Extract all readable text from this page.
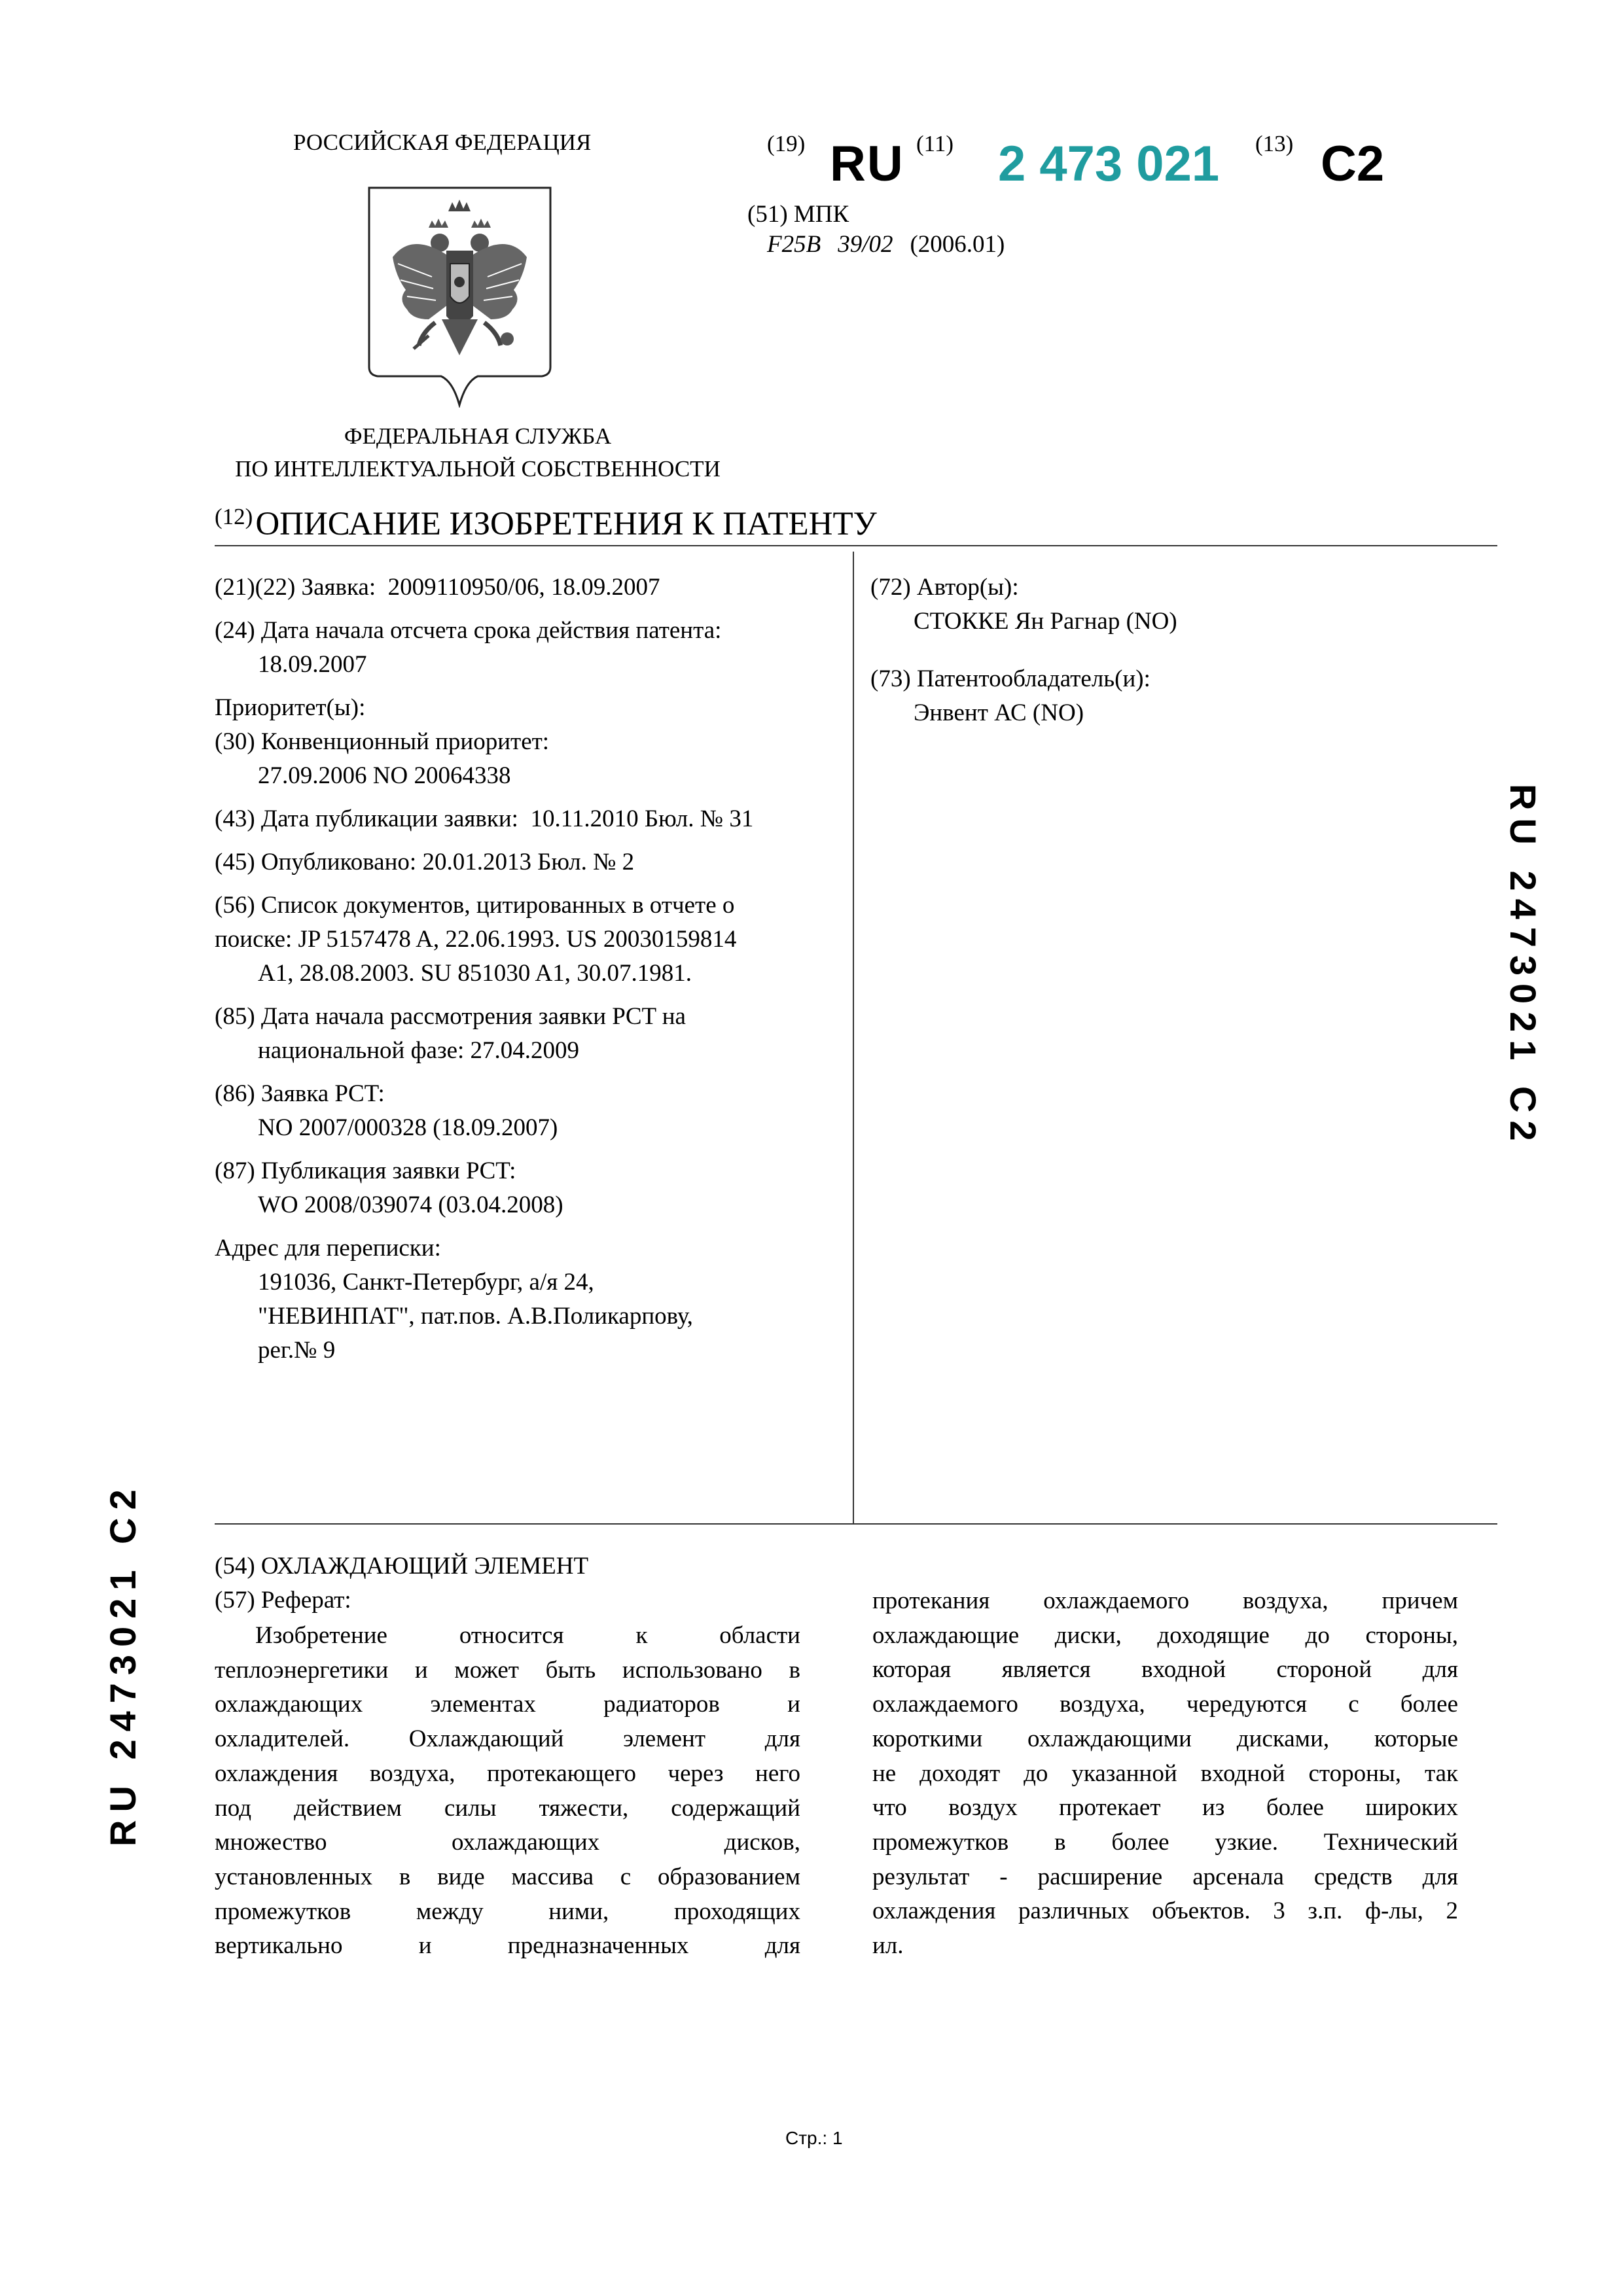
РОССИЙСКАЯ ФЕДЕРАЦИЯ
ФЕДЕРАЛЬНАЯ СЛУЖБА
ПО ИНТЕЛЛЕКТУАЛЬНОЙ СОБСТВЕННОСТИ
(19) RU (11) 2 473 021 (13) C2
(51) МПК
F25B 39/02 (2006.01)
$^{(12)}$ОПИСАНИЕ ИЗОБРЕТЕНИЯ К ПАТЕНТУ
(21)(22) Заявка: 2009110950/06, 18.09.2007
(24) Дата начала отсчета срока действия патента:
18.09.2007
Приоритет(ы):
(30) Конвенционный приоритет:
27.09.2006 NO 20064338
(43) Дата публикации заявки: 10.11.2010 Бюл. № 31
(45) Опубликовано: 20.01.2013 Бюл. № 2
(56) Список документов, цитированных в отчете о
поиске: JP 5157478 A, 22.06.1993. US 20030159814
A1, 28.08.2003. SU 851030 A1, 30.07.1981.
(85) Дата начала рассмотрения заявки PCT на
национальной фазе: 27.04.2009
(86) Заявка PCT:
NO 2007/000328 (18.09.2007)
(87) Публикация заявки PCT:
WO 2008/039074 (03.04.2008)
Адрес для переписки:
191036, Санкт-Петербург, а/я 24,
"НЕВИНПАТ", пат.пов. А.В.Поликарпову,
рег.№ 9
(72) Автор(ы):
СТОККЕ Ян Рагнар (NO)
(73) Патентообладатель(и):
Энвент АС (NO)
(54) ОХЛАЖДАЮЩИЙ ЭЛЕМЕНТ
(57) Реферат:
Изобретение относится к области
теплоэнергетики и может быть использовано в
охлаждающих элементах радиаторов и
охладителей. Охлаждающий элемент для
охлаждения воздуха, протекающего через него
под действием силы тяжести, содержащий
множество охлаждающих дисков,
установленных в виде массива с образованием
промежутков между ними, проходящих
вертикально и предназначенных для
протекания охлаждаемого воздуха, причем
охлаждающие диски, доходящие до стороны,
которая является входной стороной для
охлаждаемого воздуха, чередуются с более
короткими охлаждающими дисками, которые
не доходят до указанной входной стороны, так
что воздух протекает из более широких
промежутков в более узкие. Технический
результат - расширение арсенала средств для
охлаждения различных объектов. 3 з.п. ф-лы, 2
ил.
RU 2473021 C2
RU 2473021 C2
Стр.: 1
